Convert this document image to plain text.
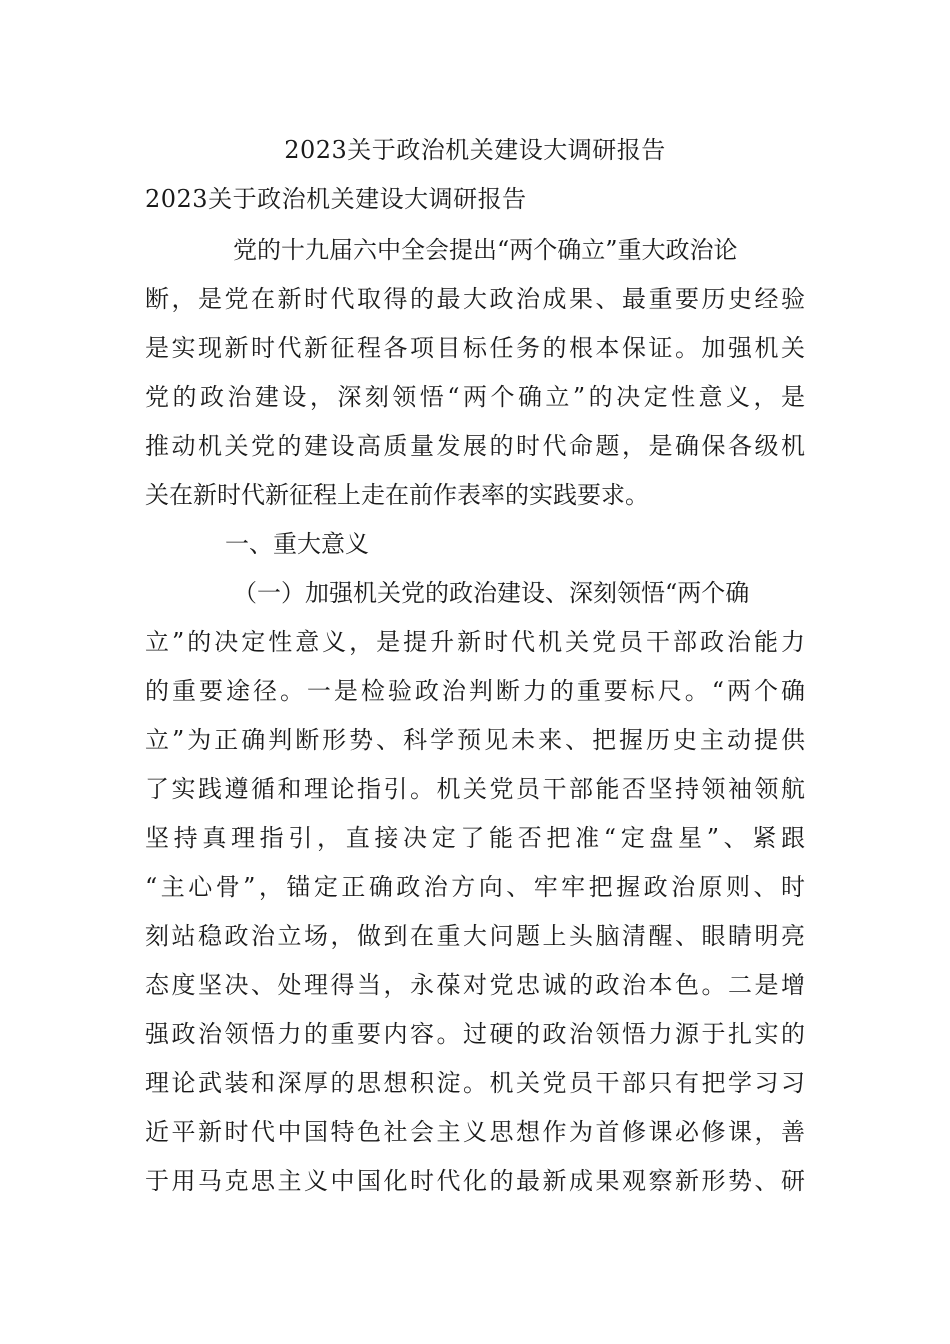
2023关于政治机关建设大调研报告
2023关于政治机关建设大调研报告
党的十九届六中全会提出“两个确立”重大政治论
断，是党在新时代取得的最大政治成果、最重要历史经验
是实现新时代新征程各项目标任务的根本保证。加强机关
党的政治建设，深刻领悟“两个确立”的决定性意义，是
推动机关党的建设高质量发展的时代命题，是确保各级机
关在新时代新征程上走在前作表率的实践要求。
一、重大意义
（一）加强机关党的政治建设、深刻领悟“两个确
立”的决定性意义，是提升新时代机关党员干部政治能力
的重要途径。一是检验政治判断力的重要标尺。“两个确
立”为正确判断形势、科学预见未来、把握历史主动提供
了实践遵循和理论指引。机关党员干部能否坚持领袖领航
坚持真理指引，直接决定了能否把准“定盘星”、紧跟
“主心骨”，锚定正确政治方向、牢牢把握政治原则、时
刻站稳政治立场，做到在重大问题上头脑清醒、眼睛明亮
态度坚决、处理得当，永葆对党忠诚的政治本色。二是增
强政治领悟力的重要内容。过硬的政治领悟力源于扎实的
理论武装和深厚的思想积淀。机关党员干部只有把学习习
近平新时代中国特色社会主义思想作为首修课必修课，善
于用马克思主义中国化时代化的最新成果观察新形势、研
